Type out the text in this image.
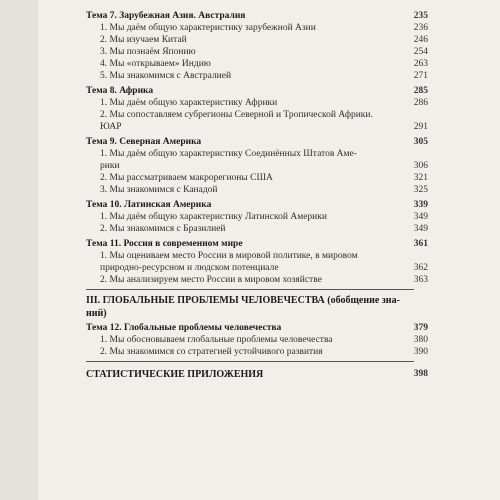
Тема 7. Зарубежная Азия. Австралия	235
1. Мы даём общую характеристику зарубежной Азии	236
2. Мы изучаем Китай	246
3. Мы познаём Японию	254
4. Мы «открываем» Индию	263
5. Мы знакомимся с Австралией	271
Тема 8. Африка	285
1. Мы даём общую характеристику Африки	286
2. Мы сопоставляем субрегионы Северной и Тропической Африки.
ЮАР	291
Тема 9. Северная Америка	305
1. Мы даём общую характеристику Соединённых Штатов Аме-
рики	306
2. Мы рассматриваем макрорегионы США	321
3. Мы знакомимся с Канадой	325
Тема 10. Латинская Америка	339
1. Мы даём общую характеристику Латинской Америки	349
2. Мы знакомимся с Бразилией	349
Тема 11. Россия в современном мире	361
1. Мы оцениваем место России в мировой политике, в мировом
природно-ресурсном и людском потенциале	362
2. Мы анализируем место России в мировом хозяйстве	363
III. ГЛОБАЛЬНЫЕ ПРОБЛЕМЫ ЧЕЛОВЕЧЕСТВА (обобщение зна-
ний)
Тема 12. Глобальные проблемы человечества	379
1. Мы обосновываем глобальные проблемы человечества	380
2. Мы знакомимся со стратегией устойчивого развития	390
СТАТИСТИЧЕСКИЕ ПРИЛОЖЕНИЯ	398
